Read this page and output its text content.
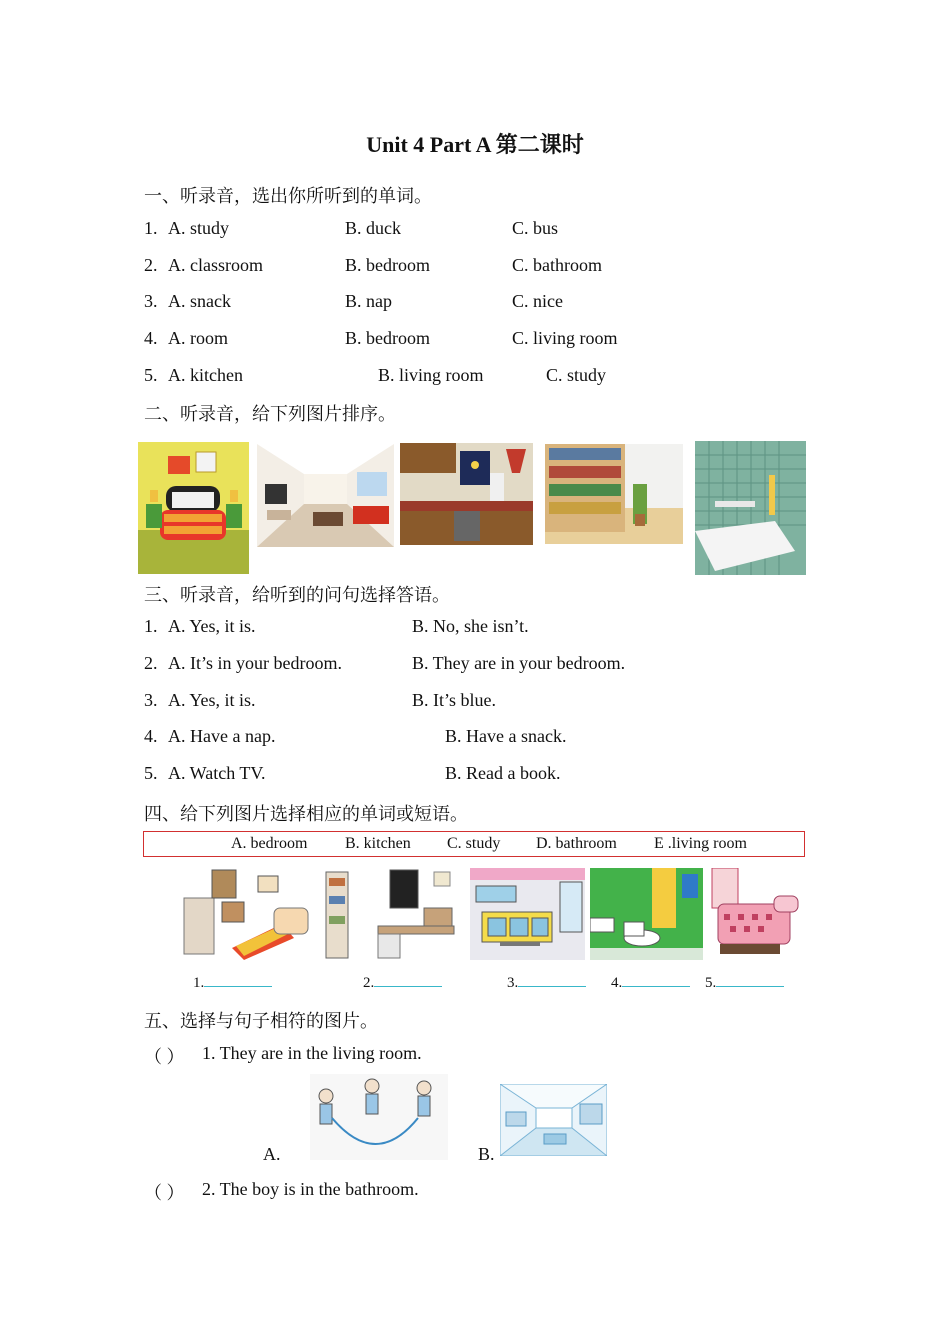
Unit 4 Part A 第二课时
一、听录音，选出你所听到的单词。
1. A. study	B. duck	C. bus
2. A. classroom	B. bedroom	C. bathroom
3. A. snack	B. nap	C. nice
4. A. room	B. bedroom	C. living room
5. A. kitchen	B. living room	C. study
二、听录音，给下列图片排序。
三、听录音，给听到的问句选择答语。
1. A. Yes, it is.	B. No, she isn’t.
2. A. It’s in your bedroom.	B. They are in your bedroom.
3. A. Yes, it is.	B. It’s blue.
4. A. Have a nap.	B. Have a snack.
5. A. Watch TV.	B. Read a book.
四、给下列图片选择相应的单词或短语。
A. bedroom B. kitchen C. study D. bathroom E .living room
1.	2.	3.	4.	5.
五、选择与句子相符的图片。
（ ） 1. They are in the living room.
A.	B.
（ ） 2. The boy is in the bathroom.
